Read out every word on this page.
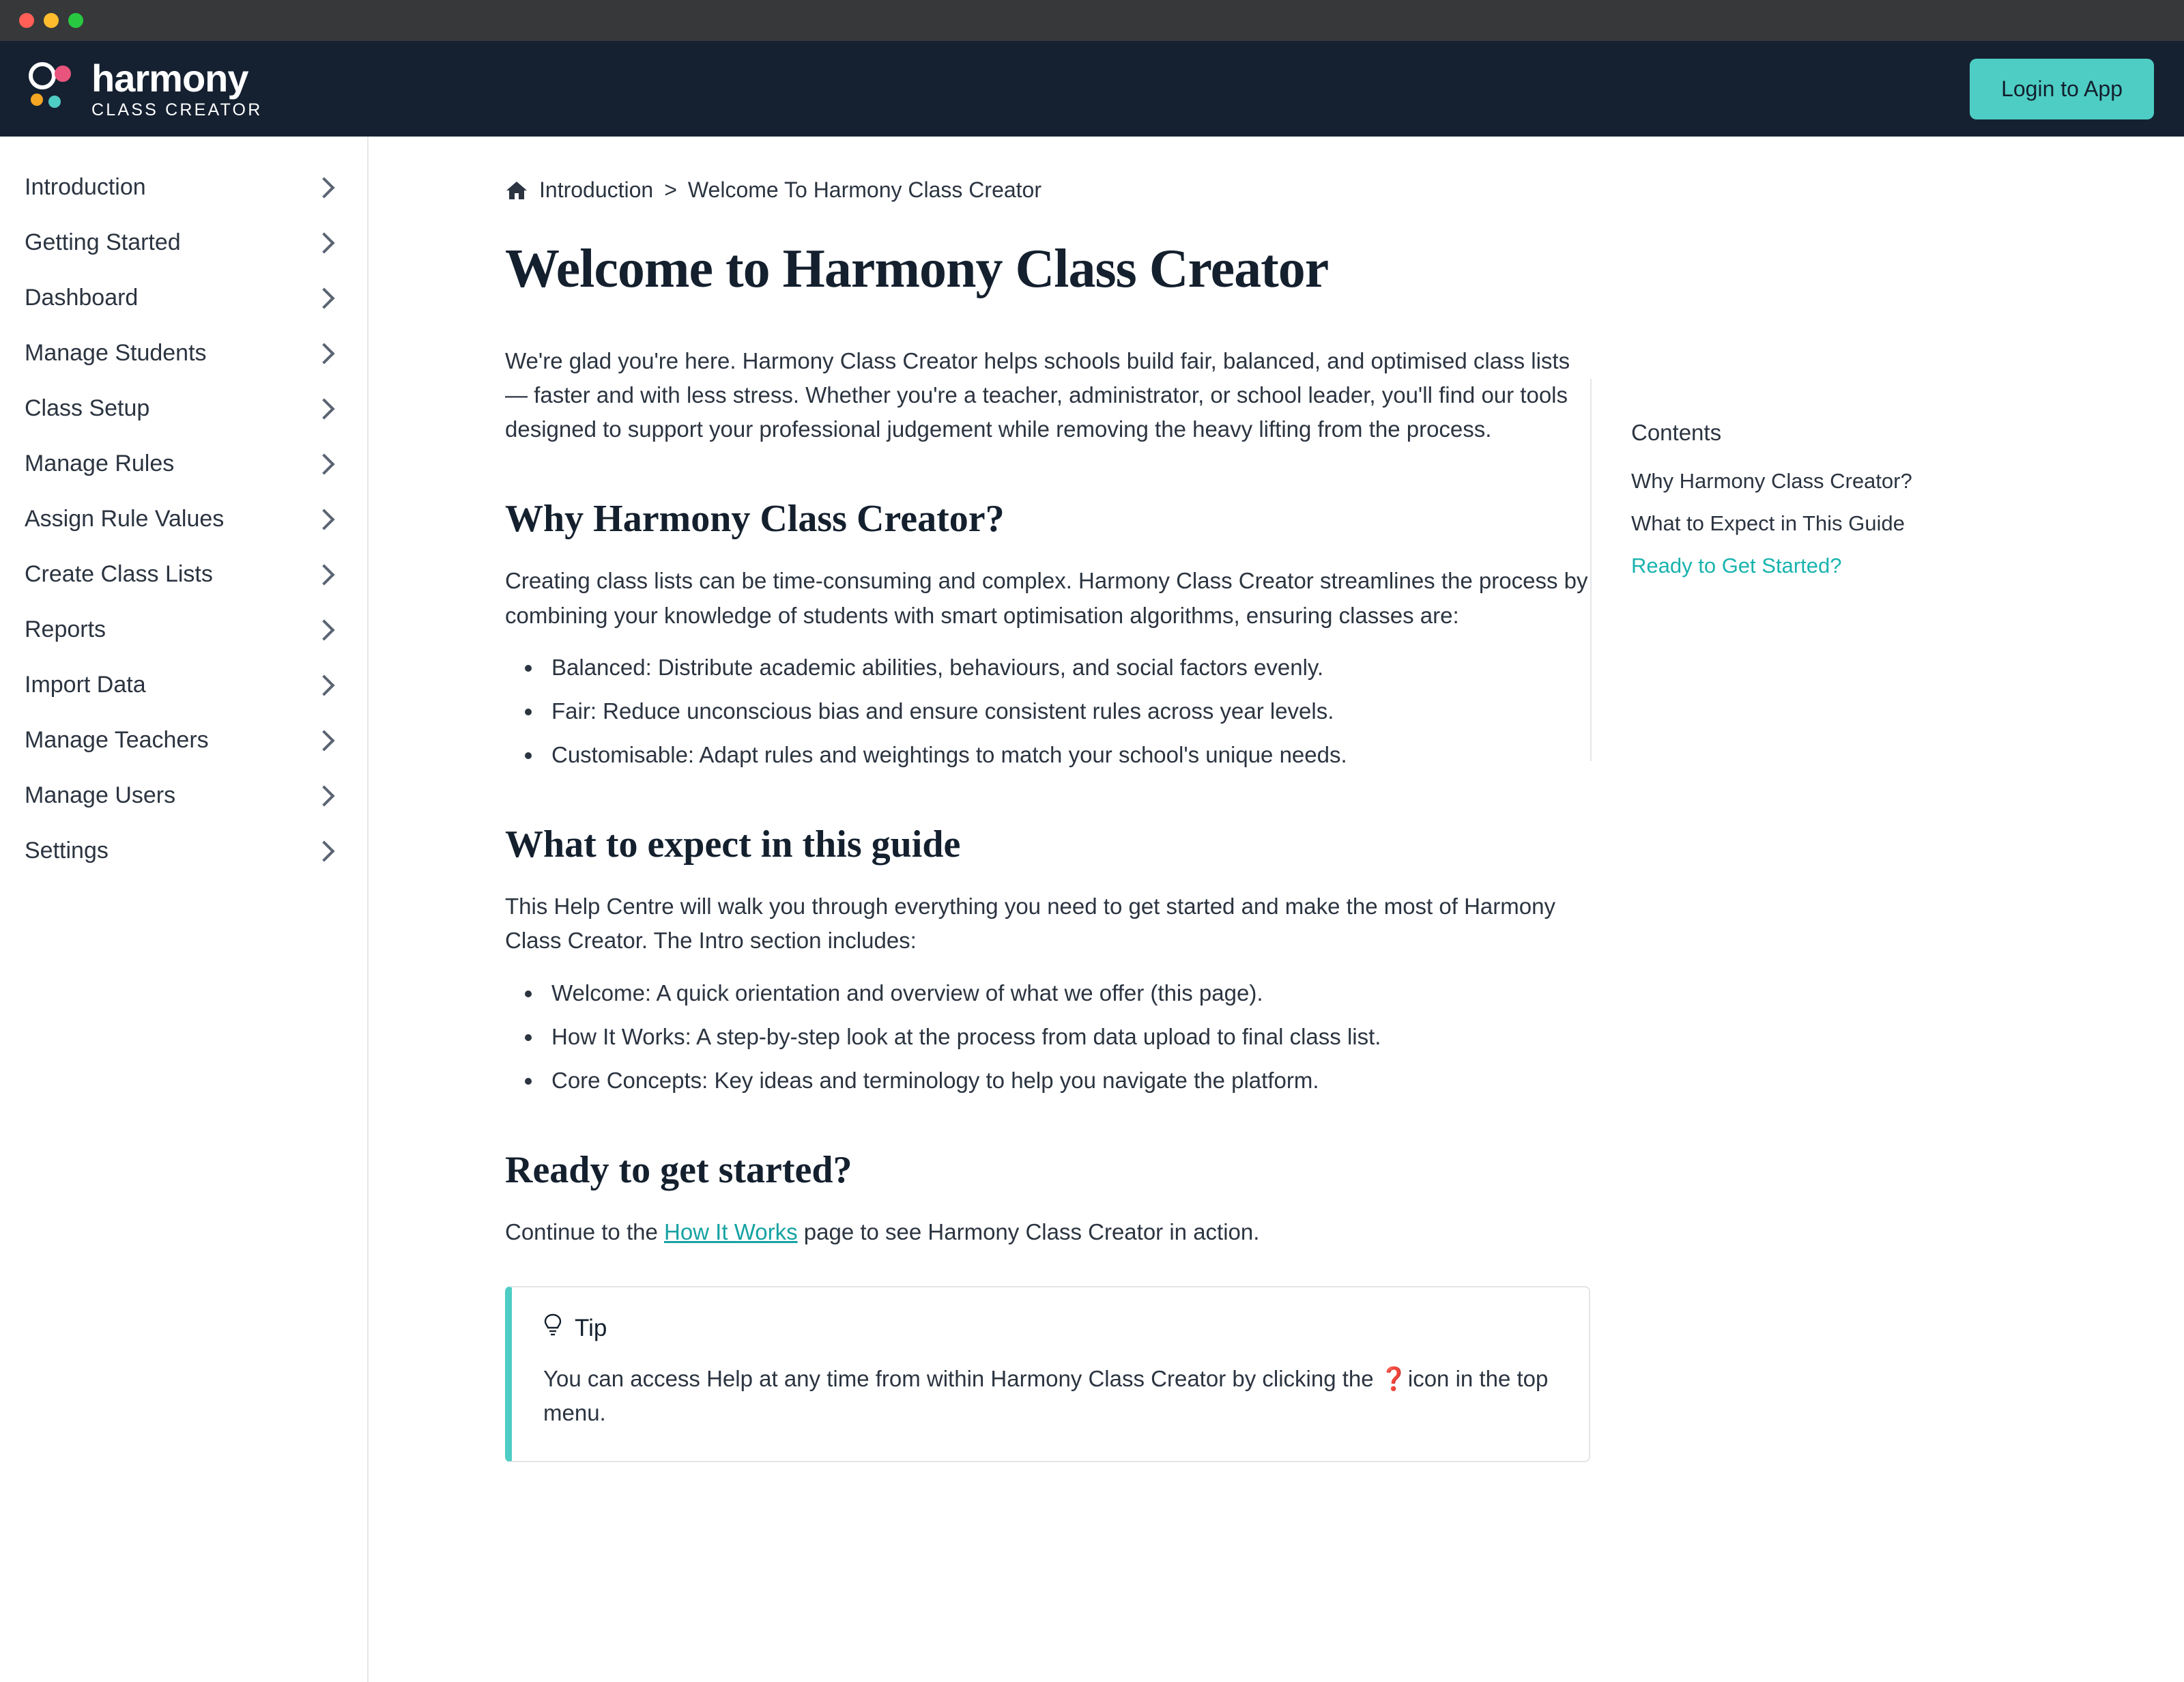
harmony
CLASS CREATOR
Login to App
Introduction
Getting Started
Dashboard
Manage Students
Class Setup
Manage Rules
Assign Rule Values
Create Class Lists
Reports
Import Data
Manage Teachers
Manage Users
Settings
Introduction > Welcome To Harmony Class Creator
Welcome to Harmony Class Creator

We're glad you're here. Harmony Class Creator helps schools build fair, balanced, and optimised class lists — faster and with less stress. Whether you're a teacher, administrator, or school leader, you'll find our tools designed to support your professional judgement while removing the heavy lifting from the process.

Why Harmony Class Creator?

Creating class lists can be time-consuming and complex. Harmony Class Creator streamlines the process by combining your knowledge of students with smart optimisation algorithms, ensuring classes are:

• Balanced: Distribute academic abilities, behaviours, and social factors evenly.
• Fair: Reduce unconscious bias and ensure consistent rules across year levels.
• Customisable: Adapt rules and weightings to match your school's unique needs.
What to expect in this guide

This Help Centre will walk you through everything you need to get started and make the most of Harmony Class Creator. The Intro section includes:

• Welcome: A quick orientation and overview of what we offer (this page).
• How It Works: A step-by-step look at the process from data upload to final class list.
• Core Concepts: Key ideas and terminology to help you navigate the platform.
Ready to get started?

Continue to the How It Works page to see Harmony Class Creator in action.

Tip
You can access Help at any time from within Harmony Class Creator by clicking the ❓icon in the top menu.
Contents
Why Harmony Class Creator?
What to Expect in This Guide
Ready to Get Started?
